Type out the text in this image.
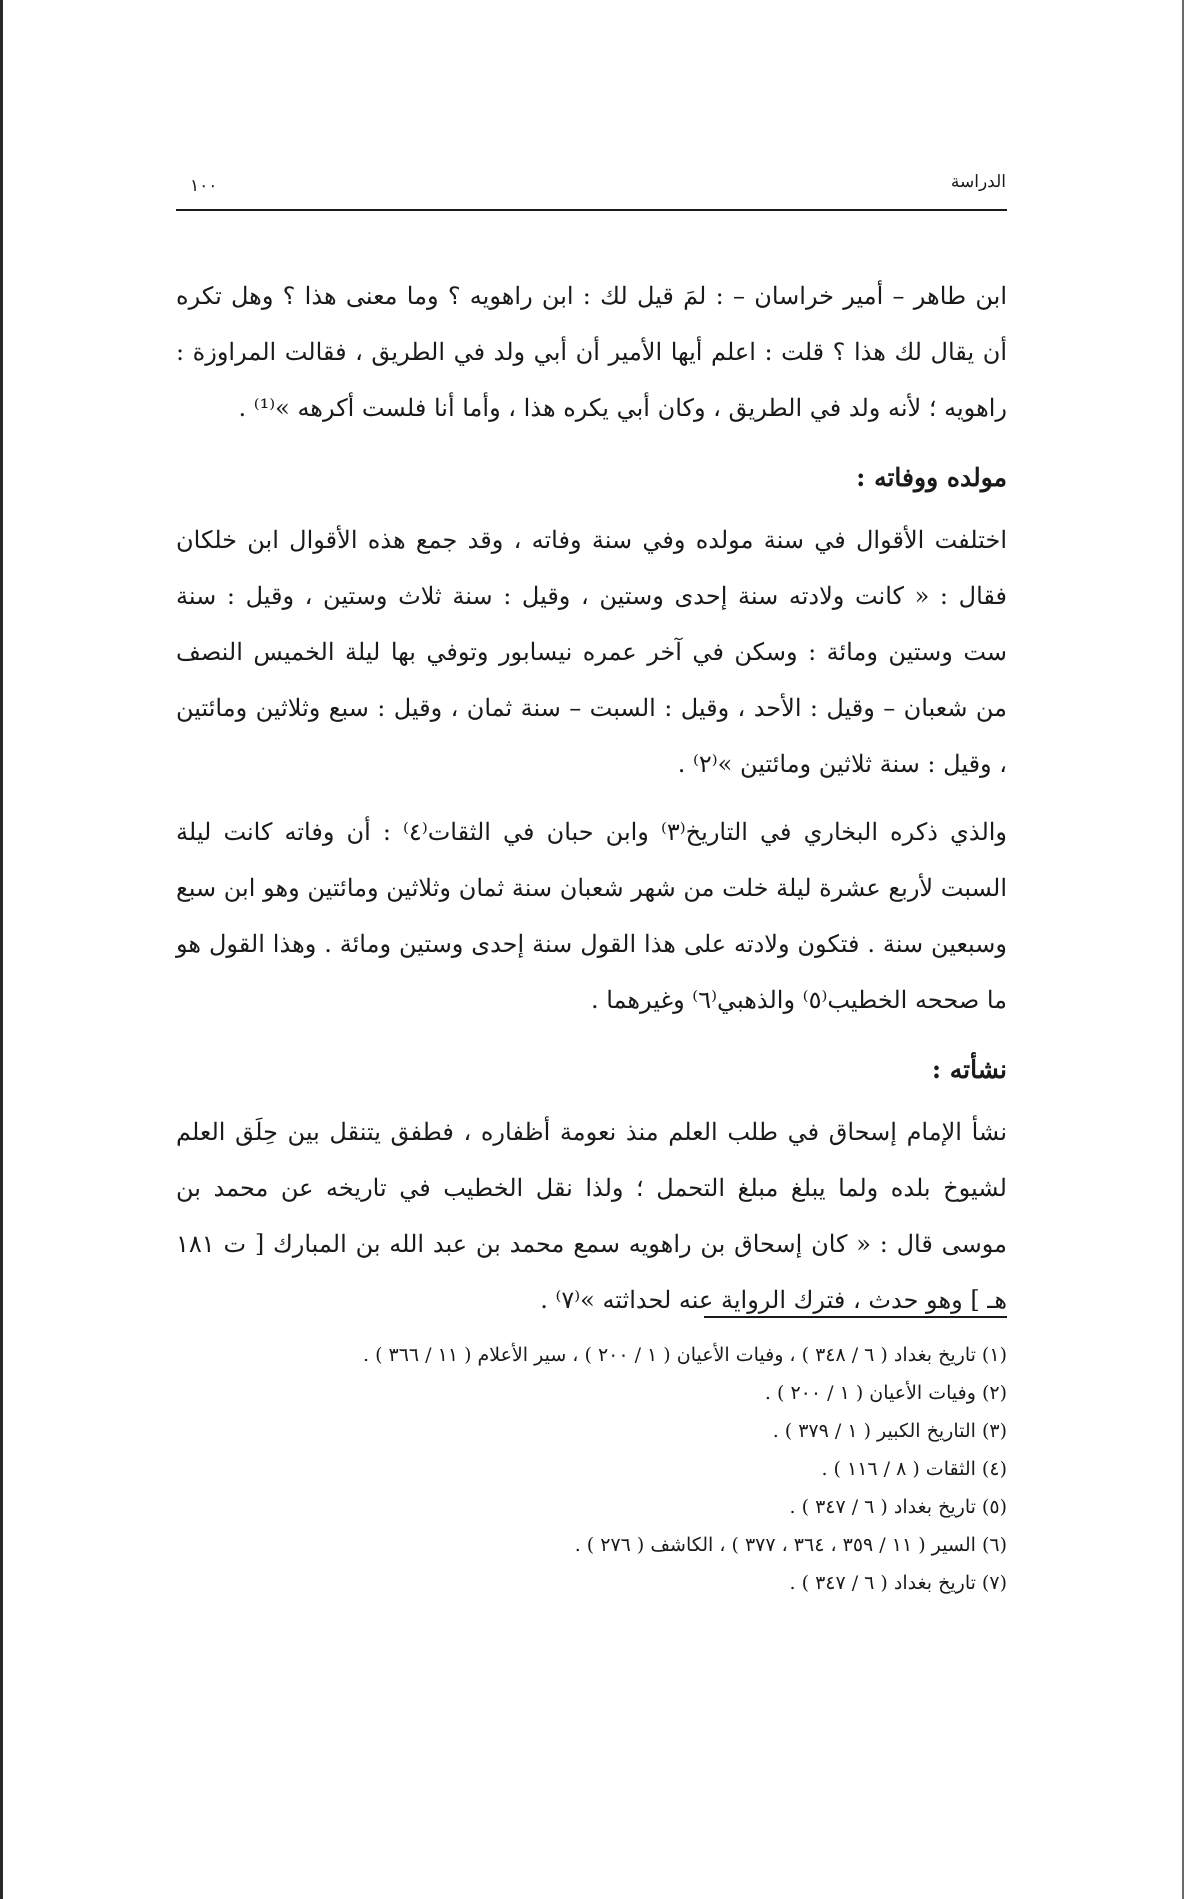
الدراسة
١٠٠

ابن طاهر – أمير خراسان – : لمَ قيل لك : ابن راهويه ؟ وما معنى هذا ؟ وهل تكره أن يقال لك هذا ؟ قلت : اعلم أيها الأمير أن أبي ولد في الطريق ، فقالت المراوزة : راهويه ؛ لأنه ولد في الطريق ، وكان أبي يكره هذا ، وأما أنا فلست أكرهه »⁽¹⁾ .

مولده ووفاته :

اختلفت الأقوال في سنة مولده وفي سنة وفاته ، وقد جمع هذه الأقوال ابن خلكان فقال : « كانت ولادته سنة إحدى وستين ، وقيل : سنة ثلاث وستين ، وقيل : سنة ست وستين ومائة : وسكن في آخر عمره نيسابور وتوفي بها ليلة الخميس النصف من شعبان – وقيل : الأحد ، وقيل : السبت – سنة ثمان ، وقيل : سبع وثلاثين ومائتين ، وقيل : سنة ثلاثين ومائتين »⁽٢⁾ .

والذي ذكره البخاري في التاريخ⁽٣⁾ وابن حبان في الثقات⁽٤⁾ : أن وفاته كانت ليلة السبت لأربع عشرة ليلة خلت من شهر شعبان سنة ثمان وثلاثين ومائتين وهو ابن سبع وسبعين سنة . فتكون ولادته على هذا القول سنة إحدى وستين ومائة . وهذا القول هو ما صححه الخطيب⁽٥⁾ والذهبي⁽٦⁾ وغيرهما .

نشأته :

نشأ الإمام إسحاق في طلب العلم منذ نعومة أظفاره ، فطفق يتنقل بين حِلَق العلم لشيوخ بلده ولما يبلغ مبلغ التحمل ؛ ولذا نقل الخطيب في تاريخه عن محمد بن موسى قال : « كان إسحاق بن راهويه سمع محمد بن عبد الله بن المبارك [ ت ١٨١ هـ ] وهو حدث ، فترك الرواية عنه لحداثته »⁽٧⁾ .

(١) تاريخ بغداد ( ٦ / ٣٤٨ ) ، وفيات الأعيان ( ١ / ٢٠٠ ) ، سير الأعلام ( ١١ / ٣٦٦ ) .
(٢) وفيات الأعيان ( ١ / ٢٠٠ ) .
(٣) التاريخ الكبير ( ١ / ٣٧٩ ) .
(٤) الثقات ( ٨ / ١١٦ ) .
(٥) تاريخ بغداد ( ٦ / ٣٤٧ ) .
(٦) السير ( ١١ / ٣٥٩ ، ٣٦٤ ، ٣٧٧ ) ، الكاشف ( ٢٧٦ ) .
(٧) تاريخ بغداد ( ٦ / ٣٤٧ ) .
